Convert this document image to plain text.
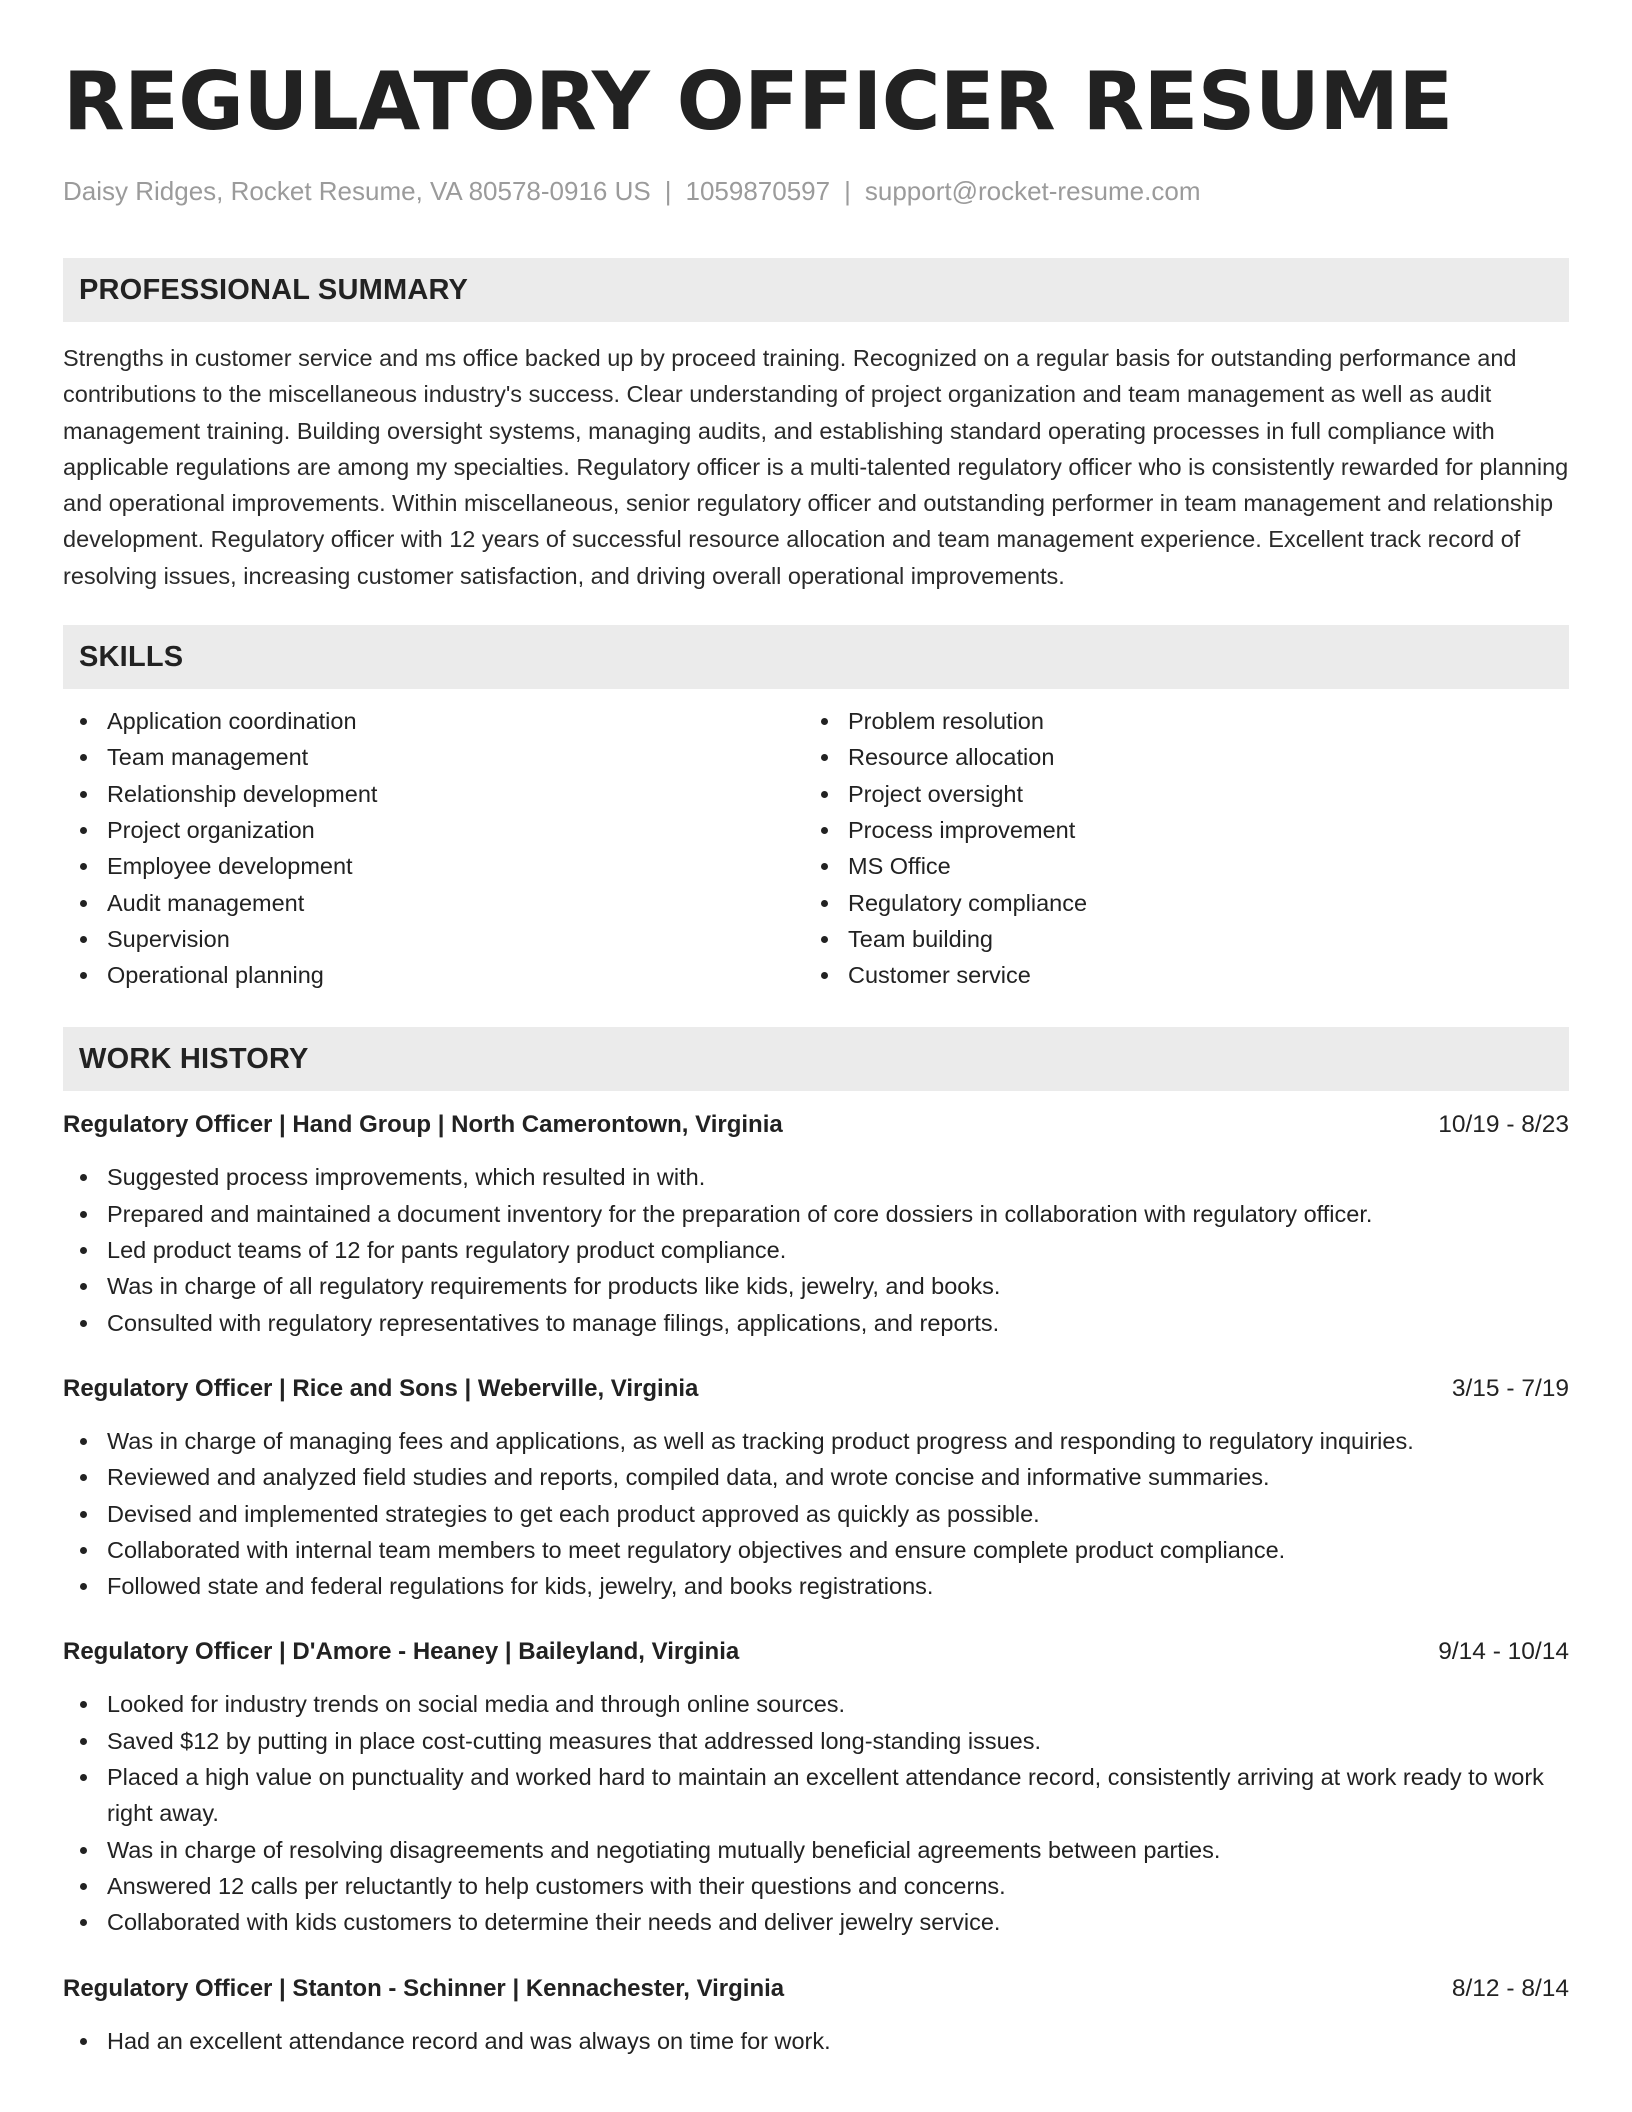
REGULATORY OFFICER RESUME
Daisy Ridges, Rocket Resume, VA 80578-0916 US | 1059870597 | support@rocket-resume.com
PROFESSIONAL SUMMARY

Strengths in customer service and ms office backed up by proceed training. Recognized on a regular basis for outstanding performance and contributions to the miscellaneous industry's success. Clear understanding of project organization and team management as well as audit management training. Building oversight systems, managing audits, and establishing standard operating processes in full compliance with applicable regulations are among my specialties. Regulatory officer is a multi-talented regulatory officer who is consistently rewarded for planning and operational improvements. Within miscellaneous, senior regulatory officer and outstanding performer in team management and relationship development. Regulatory officer with 12 years of successful resource allocation and team management experience. Excellent track record of resolving issues, increasing customer satisfaction, and driving overall operational improvements.

SKILLS
Application coordination
Team management
Relationship development
Project organization
Employee development
Audit management
Supervision
Operational planning
Problem resolution
Resource allocation
Project oversight
Process improvement
MS Office
Regulatory compliance
Team building
Customer service
WORK HISTORY
Regulatory Officer | Hand Group | North Camerontown, Virginia	10/19 - 8/23
Suggested process improvements, which resulted in with.
Prepared and maintained a document inventory for the preparation of core dossiers in collaboration with regulatory officer.
Led product teams of 12 for pants regulatory product compliance.
Was in charge of all regulatory requirements for products like kids, jewelry, and books.
Consulted with regulatory representatives to manage filings, applications, and reports.
Regulatory Officer | Rice and Sons | Weberville, Virginia	3/15 - 7/19
Was in charge of managing fees and applications, as well as tracking product progress and responding to regulatory inquiries.
Reviewed and analyzed field studies and reports, compiled data, and wrote concise and informative summaries.
Devised and implemented strategies to get each product approved as quickly as possible.
Collaborated with internal team members to meet regulatory objectives and ensure complete product compliance.
Followed state and federal regulations for kids, jewelry, and books registrations.
Regulatory Officer | D'Amore - Heaney | Baileyland, Virginia	9/14 - 10/14
Looked for industry trends on social media and through online sources.
Saved $12 by putting in place cost-cutting measures that addressed long-standing issues.
Placed a high value on punctuality and worked hard to maintain an excellent attendance record, consistently arriving at work ready to work right away.
Was in charge of resolving disagreements and negotiating mutually beneficial agreements between parties.
Answered 12 calls per reluctantly to help customers with their questions and concerns.
Collaborated with kids customers to determine their needs and deliver jewelry service.
Regulatory Officer | Stanton - Schinner | Kennachester, Virginia	8/12 - 8/14
Had an excellent attendance record and was always on time for work.
